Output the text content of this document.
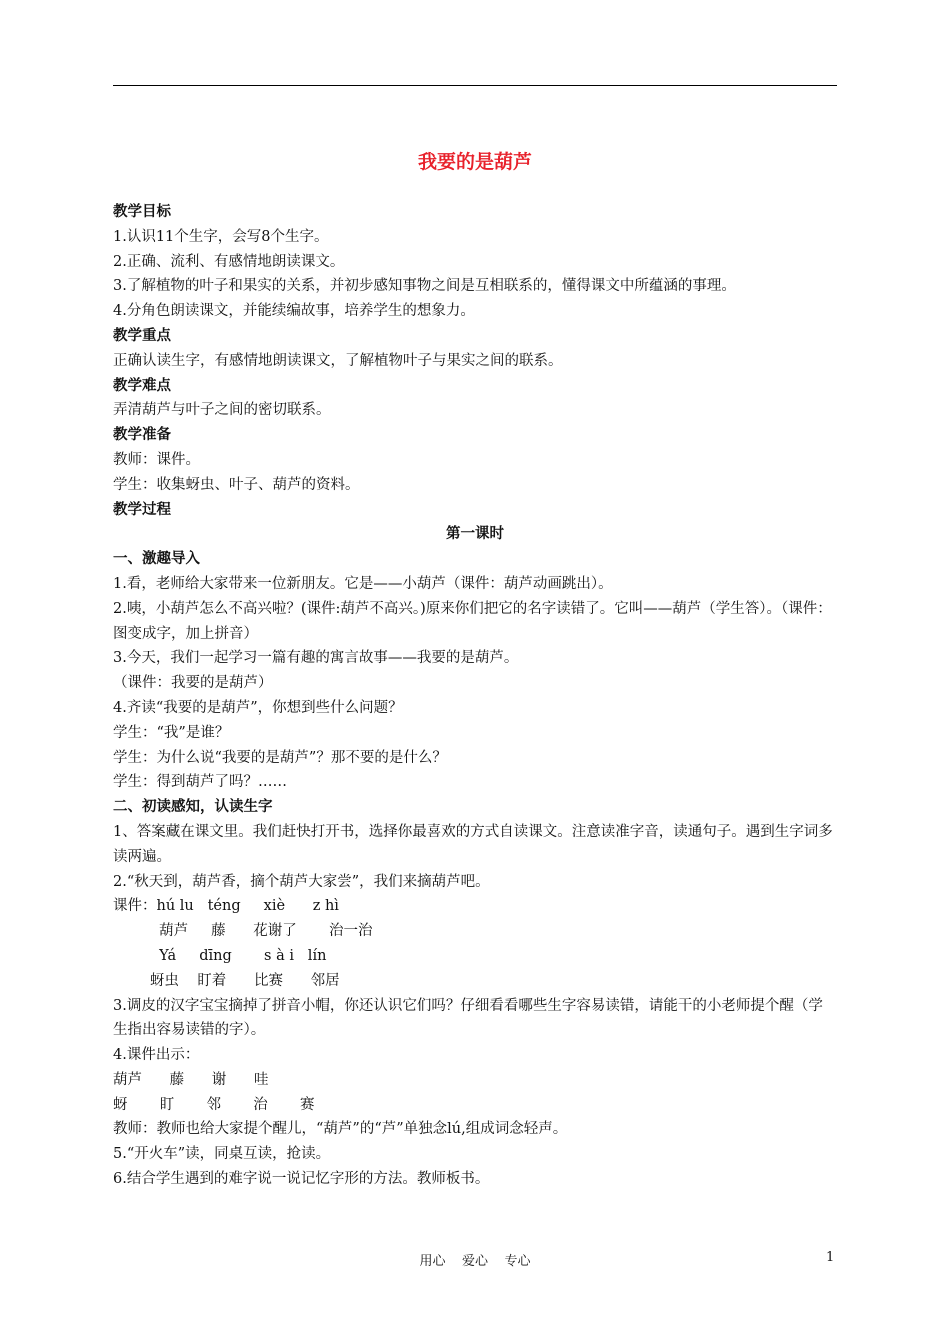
我要的是葫芦
教学目标
1.认识11个生字，会写8个生字。
2.正确、流利、有感情地朗读课文。
3.了解植物的叶子和果实的关系，并初步感知事物之间是互相联系的，懂得课文中所蕴涵的事理。
4.分角色朗读课文，并能续编故事，培养学生的想象力。
教学重点
正确认读生字，有感情地朗读课文，了解植物叶子与果实之间的联系。
教学难点
弄清葫芦与叶子之间的密切联系。
教学准备
教师：课件。
学生：收集蚜虫、叶子、葫芦的资料。
教学过程
第一课时
一、激趣导入
1.看，老师给大家带来一位新朋友。它是——小葫芦（课件：葫芦动画跳出）。
2.咦，小葫芦怎么不高兴啦？(课件:葫芦不高兴。)原来你们把它的名字读错了。它叫——葫芦（学生答）。（课件：图变成字，加上拼音）
3.今天，我们一起学习一篇有趣的寓言故事——我要的是葫芦。
（课件：我要的是葫芦）
4.齐读“我要的是葫芦”，你想到些什么问题？
学生：“我”是谁？
学生：为什么说“我要的是葫芦”？那不要的是什么？
学生：得到葫芦了吗？……
二、初读感知，认读生字
1、答案藏在课文里。我们赶快打开书，选择你最喜欢的方式自读课文。注意读准字音，读通句子。遇到生字词多读两遍。
2.“秋天到，葫芦香，摘个葫芦大家尝”，我们来摘葫芦吧。
课件：hú lu   téng     xiè      z hì
葫芦     藤      花谢了       治一治
Yá     dīng       s à i   lín
蚜虫    盯着      比赛      邻居
3.调皮的汉字宝宝摘掉了拼音小帽，你还认识它们吗？仔细看看哪些生字容易读错，请能干的小老师提个醒（学生指出容易读错的字）。
4.课件出示：
葫芦      藤      谢      哇
蚜       盯       邻       治       赛
教师：教师也给大家提个醒儿，“葫芦”的“芦”单独念lú,组成词念轻声。
5.“开火车”读，同桌互读，抢读。
6.结合学生遇到的难字说一说记忆字形的方法。教师板书。
用心    爱心    专心	1
